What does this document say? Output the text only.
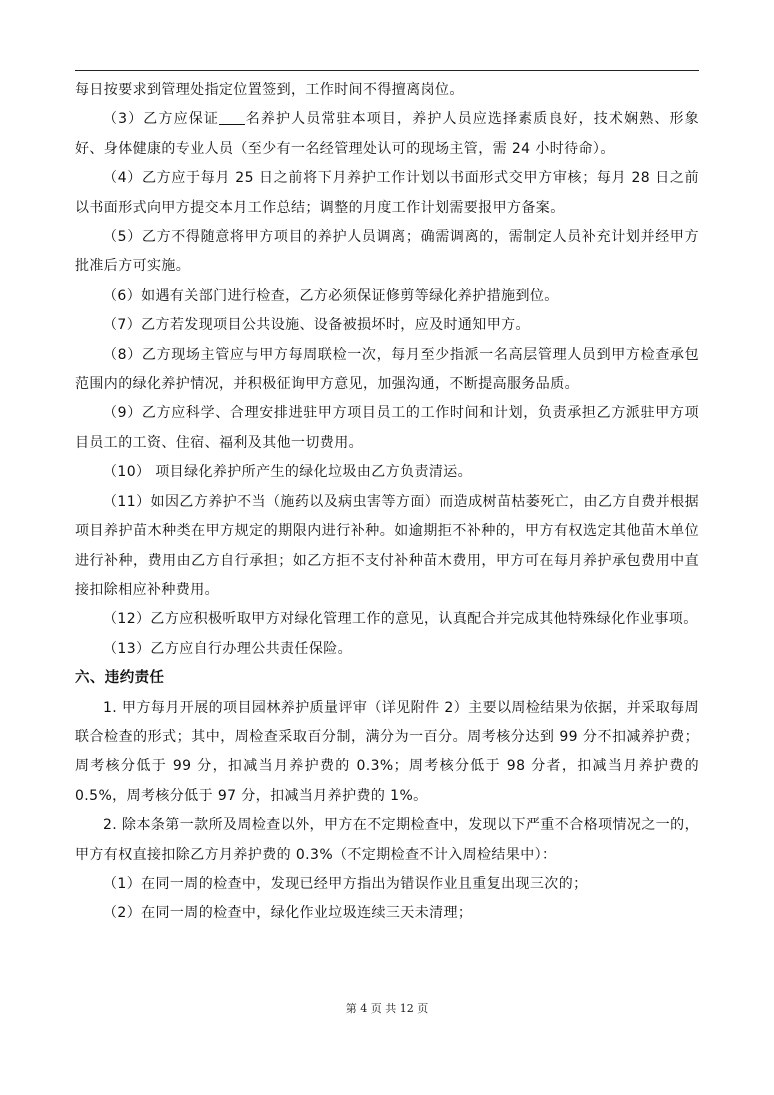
每日按要求到管理处指定位置签到，工作时间不得擅离岗位。

（3）乙方应保证 名养护人员常驻本项目，养护人员应选择素质良好，技术娴熟、形象好、身体健康的专业人员（至少有一名经管理处认可的现场主管，需 24 小时待命）。

（4）乙方应于每月 25 日之前将下月养护工作计划以书面形式交甲方审核；每月 28 日之前以书面形式向甲方提交本月工作总结；调整的月度工作计划需要报甲方备案。

（5）乙方不得随意将甲方项目的养护人员调离；确需调离的，需制定人员补充计划并经甲方批准后方可实施。

（6）如遇有关部门进行检查，乙方必须保证修剪等绿化养护措施到位。

（7）乙方若发现项目公共设施、设备被损坏时，应及时通知甲方。

（8）乙方现场主管应与甲方每周联检一次，每月至少指派一名高层管理人员到甲方检查承包范围内的绿化养护情况，并积极征询甲方意见，加强沟通，不断提高服务品质。

（9）乙方应科学、合理安排进驻甲方项目员工的工作时间和计划，负责承担乙方派驻甲方项目员工的工资、住宿、福利及其他一切费用。

（10） 项目绿化养护所产生的绿化垃圾由乙方负责清运。

（11）如因乙方养护不当（施药以及病虫害等方面）而造成树苗枯萎死亡，由乙方自费并根据项目养护苗木种类在甲方规定的期限内进行补种。如逾期拒不补种的，甲方有权选定其他苗木单位进行补种，费用由乙方自行承担；如乙方拒不支付补种苗木费用，甲方可在每月养护承包费用中直接扣除相应补种费用。

（12）乙方应积极听取甲方对绿化管理工作的意见，认真配合并完成其他特殊绿化作业事项。

（13）乙方应自行办理公共责任保险。

六、违约责任

1. 甲方每月开展的项目园林养护质量评审（详见附件 2）主要以周检结果为依据，并采取每周联合检查的形式；其中，周检查采取百分制，满分为一百分。周考核分达到 99 分不扣减养护费；周考核分低于 99 分，扣减当月养护费的 0.3%；周考核分低于 98 分者，扣减当月养护费的 0.5%，周考核分低于 97 分，扣减当月养护费的 1%。

2. 除本条第一款所及周检查以外，甲方在不定期检查中，发现以下严重不合格项情况之一的，甲方有权直接扣除乙方月养护费的 0.3%（不定期检查不计入周检结果中）：

（1）在同一周的检查中，发现已经甲方指出为错误作业且重复出现三次的；

（2）在同一周的检查中，绿化作业垃圾连续三天未清理；

第 4 页 共 12 页
